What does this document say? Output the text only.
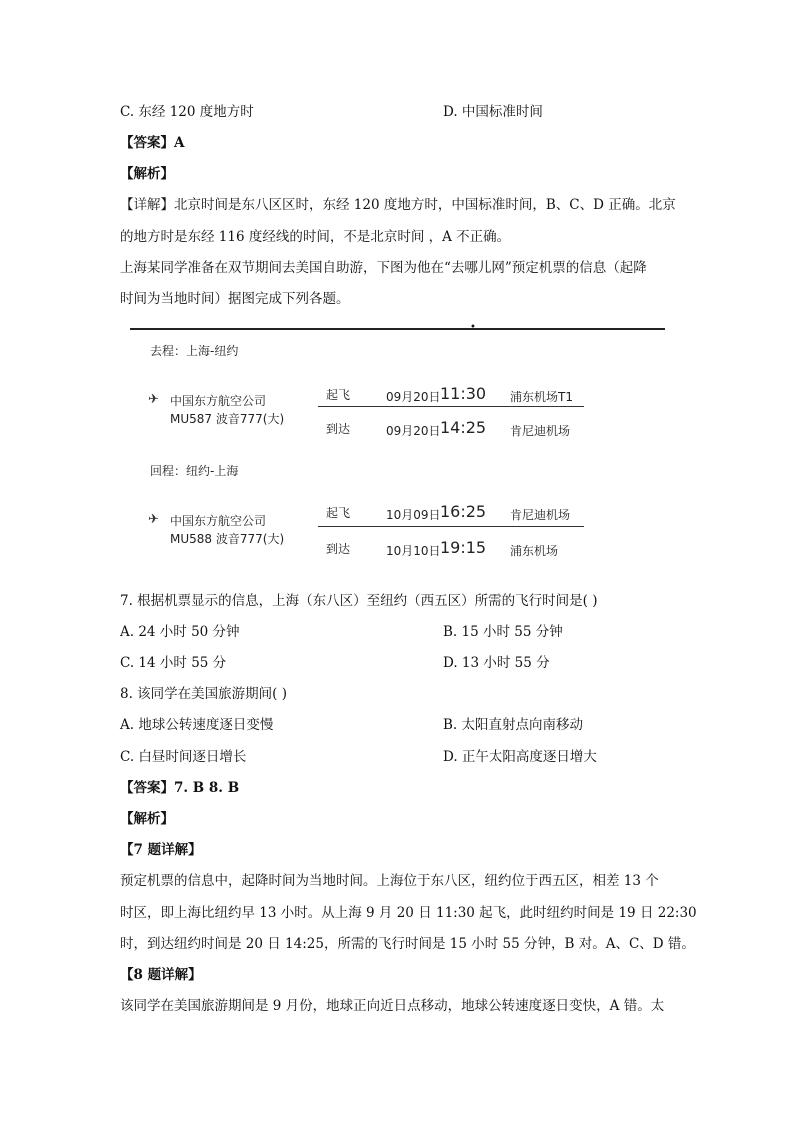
C. 东经 120 度地方时	D. 中国标准时间
【答案】A
【解析】
【详解】北京时间是东八区区时，东经 120 度地方时，中国标准时间，B、C、D 正确。北京
的地方时是东经 116 度经线的时间，不是北京时间 ，A 不正确。
上海某同学准备在双节期间去美国自助游，下图为他在“去哪儿网”预定机票的信息（起降
时间为当地时间）据图完成下列各题。
•
去程：上海-纽约
✈ 中国东方航空公司
MU587 波音777(大)
起飞	09月20日 11:30 浦东机场T1
到达	09月20日 14:25 肯尼迪机场
回程：纽约-上海
✈ 中国东方航空公司
MU588 波音777(大)
起飞	10月09日 16:25 肯尼迪机场
到达	10月10日 19:15 浦东机场
7. 根据机票显示的信息，上海（东八区）至纽约（西五区）所需的飞行时间是( )
A. 24 小时 50 分钟	B. 15 小时 55 分钟
C. 14 小时 55 分	D. 13 小时 55 分
8. 该同学在美国旅游期间( )
A. 地球公转速度逐日变慢	B. 太阳直射点向南移动
C. 白昼时间逐日增长	D. 正午太阳高度逐日增大
【答案】7. B 8. B
【解析】
【7 题详解】
预定机票的信息中，起降时间为当地时间。上海位于东八区，纽约位于西五区，相差 13 个
时区，即上海比纽约早 13 小时。从上海 9 月 20 日 11:30 起飞，此时纽约时间是 19 日 22:30
时，到达纽约时间是 20 日 14:25，所需的飞行时间是 15 小时 55 分钟，B 对。A、C、D 错。
【8 题详解】
该同学在美国旅游期间是 9 月份，地球正向近日点移动，地球公转速度逐日变快，A 错。太
